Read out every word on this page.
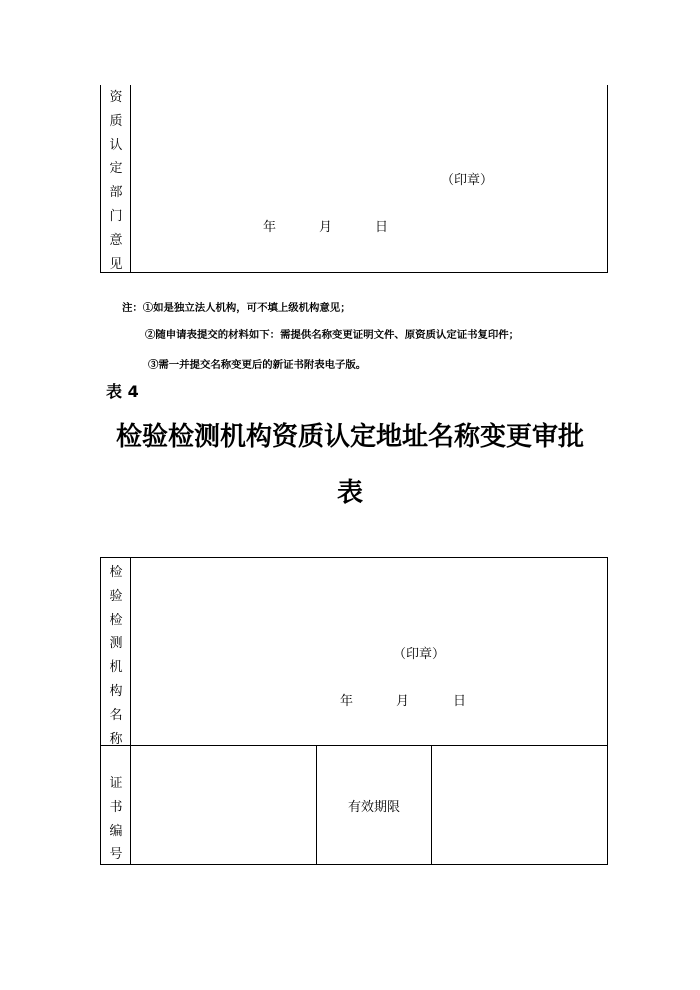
资质认定部门意见
（印章）
年	月	日
注：①如是独立法人机构，可不填上级机构意见；
②随申请表提交的材料如下：需提供名称变更证明文件、原资质认定证书复印件；
③需一并提交名称变更后的新证书附表电子版。
表 4
检验检测机构资质认定地址名称变更审批
表
检验检测机构名称
（印章）
年	月	日
证书编号
有效期限
